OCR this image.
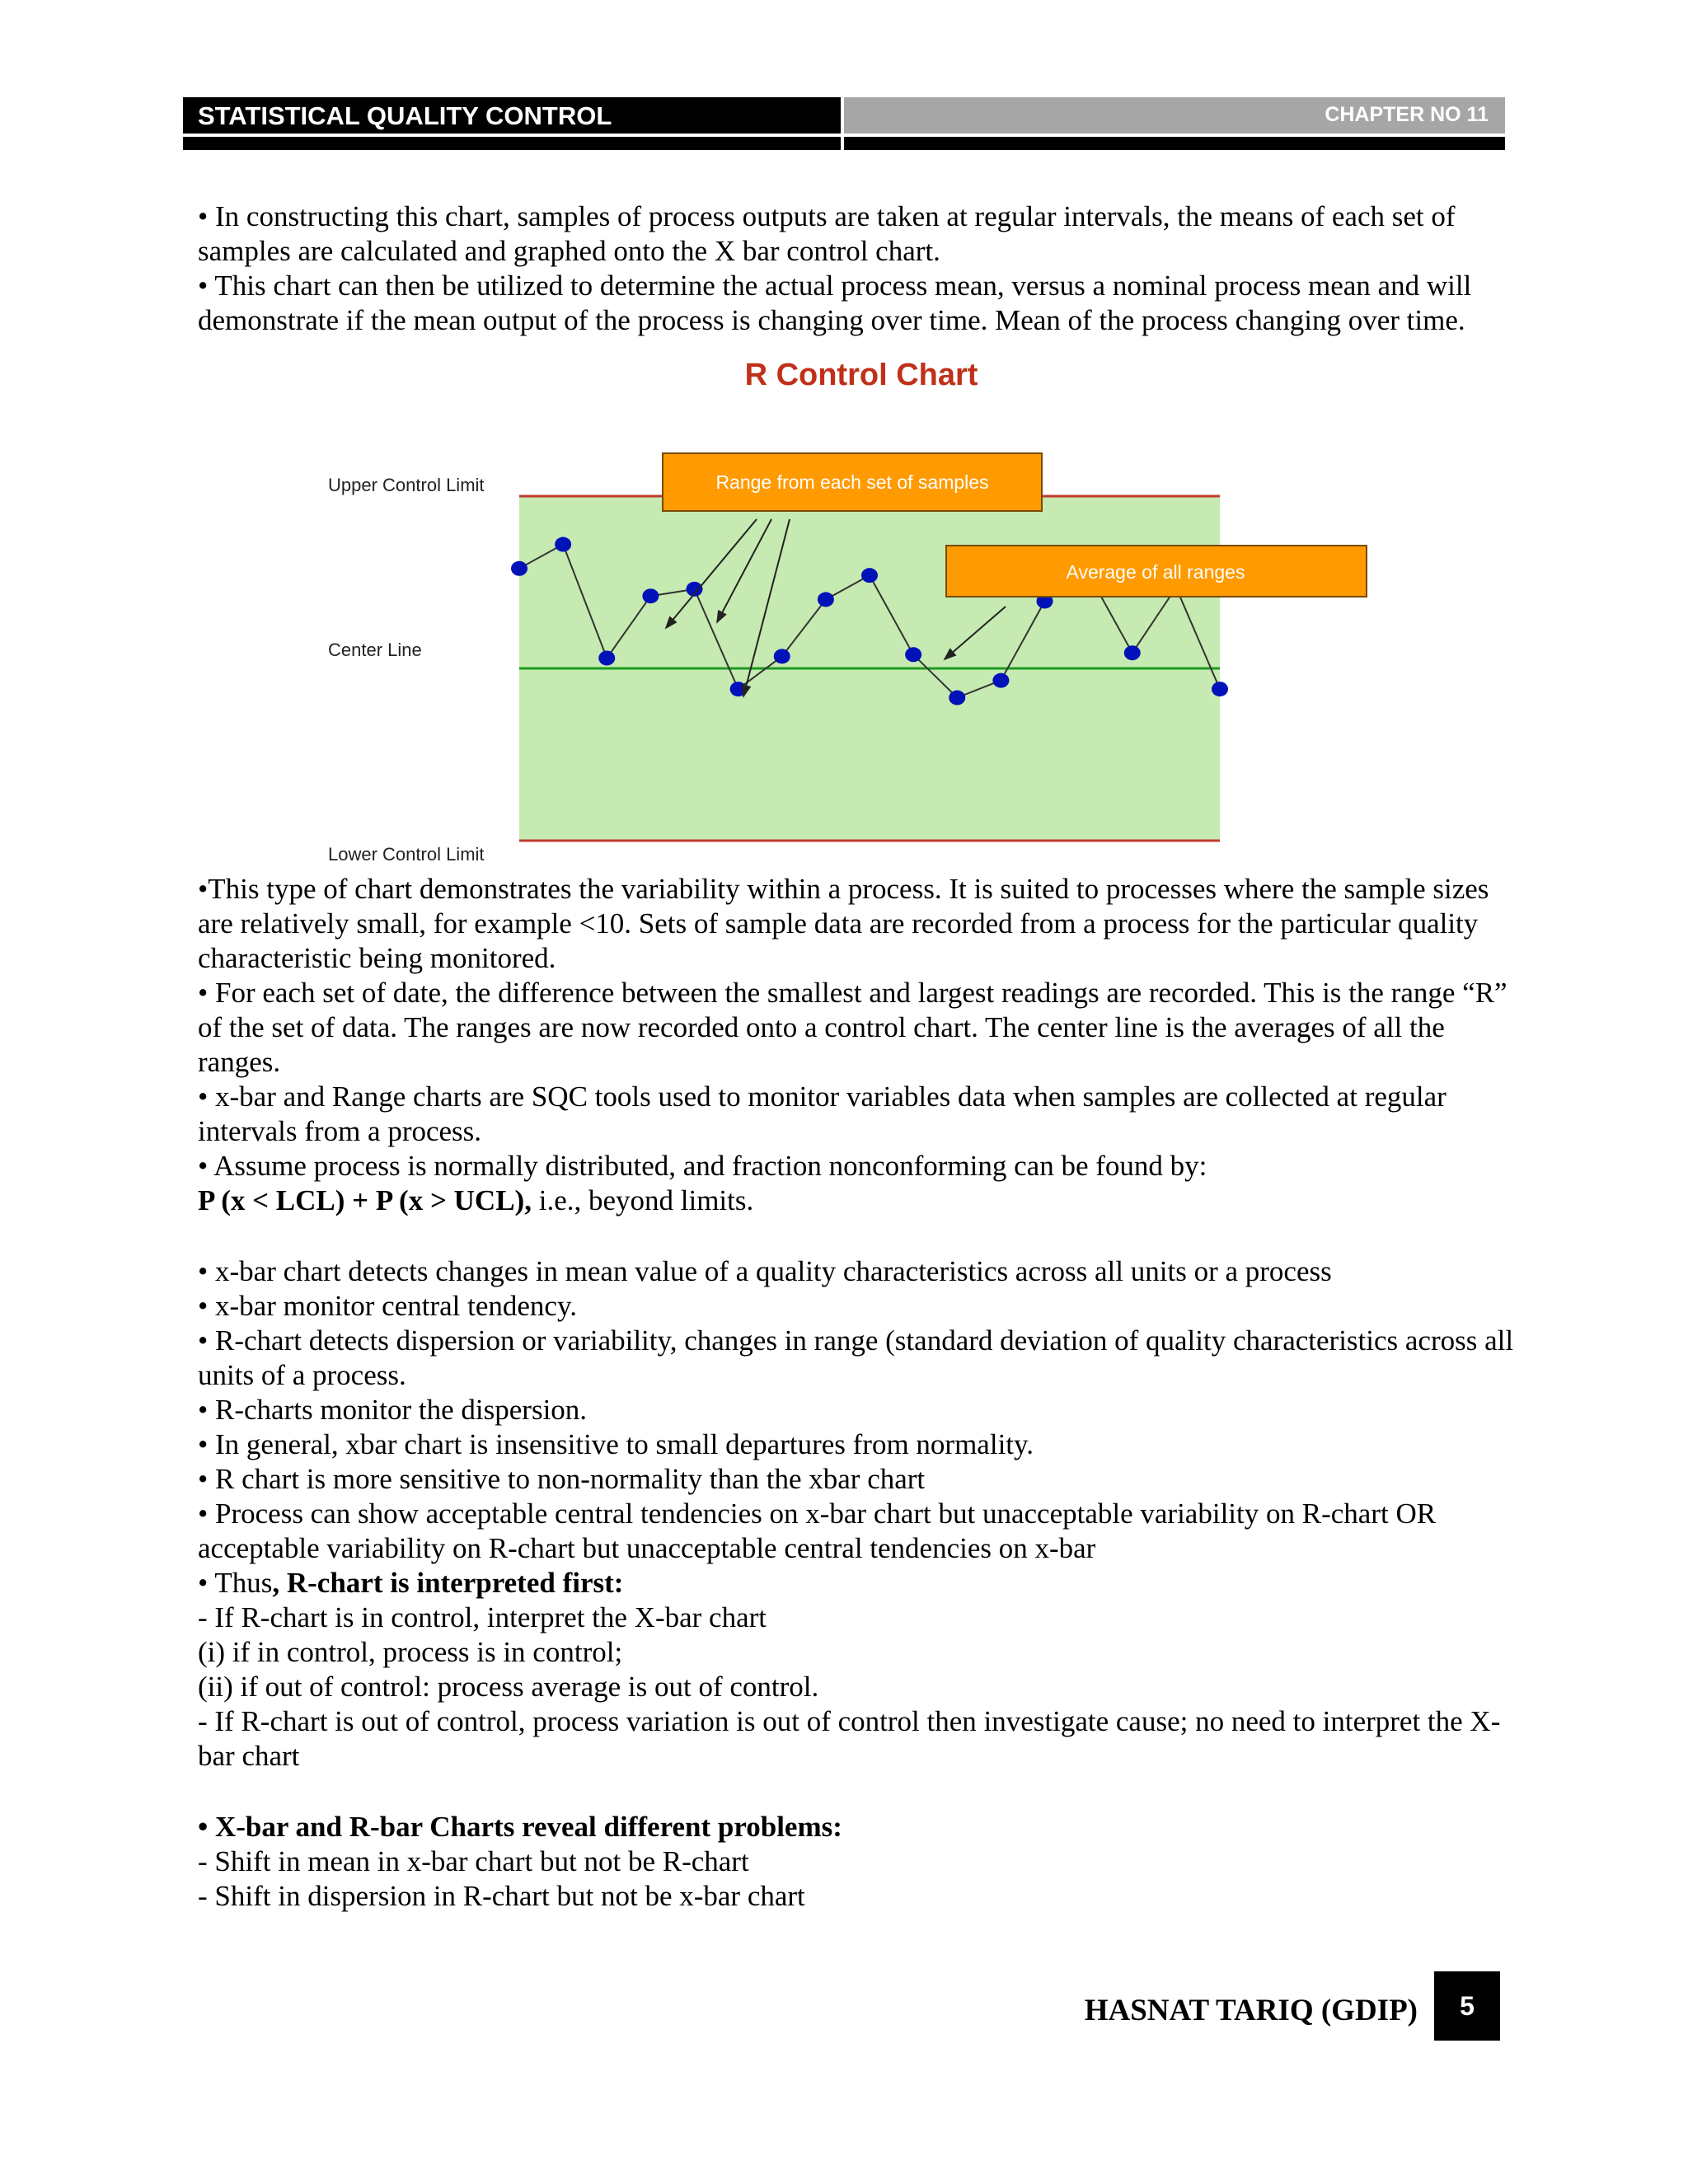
STATISTICAL QUALITY CONTROL	CHAPTER NO 11

• In constructing this chart, samples of process outputs are taken at regular intervals, the means of each set of samples are calculated and graphed onto the X bar control chart.

• This chart can then be utilized to determine the actual process mean, versus a nominal process mean and will demonstrate if the mean output of the process is changing over time. Mean of the process changing over time.

R Control Chart
Upper Control Limit
Center Line
Lower Control Limit
Range from each set of samples
Average of all ranges

•This type of chart demonstrates the variability within a process. It is suited to processes where the sample sizes are relatively small, for example <10. Sets of sample data are recorded from a process for the particular quality characteristic being monitored.

• For each set of date, the difference between the smallest and largest readings are recorded. This is the range “R” of the set of data. The ranges are now recorded onto a control chart. The center line is the averages of all the ranges.

• x-bar and Range charts are SQC tools used to monitor variables data when samples are collected at regular intervals from a process.

• Assume process is normally distributed, and fraction nonconforming can be found by:

P (x < LCL) + P (x > UCL), i.e., beyond limits.

• x-bar chart detects changes in mean value of a quality characteristics across all units or a process

• x-bar monitor central tendency.

• R-chart detects dispersion or variability, changes in range (standard deviation of quality characteristics across all units of a process.

• R-charts monitor the dispersion.

• In general, xbar chart is insensitive to small departures from normality.

• R chart is more sensitive to non-normality than the xbar chart

• Process can show acceptable central tendencies on x-bar chart but unacceptable variability on R-chart OR acceptable variability on R-chart but unacceptable central tendencies on x-bar

• Thus, R-chart is interpreted first:

- If R-chart is in control, interpret the X-bar chart

(i) if in control, process is in control;

(ii) if out of control: process average is out of control.

- If R-chart is out of control, process variation is out of control then investigate cause; no need to interpret the X-bar chart

• X-bar and R-bar Charts reveal different problems:

- Shift in mean in x-bar chart but not be R-chart

- Shift in dispersion in R-chart but not be x-bar chart

HASNAT TARIQ (GDIP)	5
